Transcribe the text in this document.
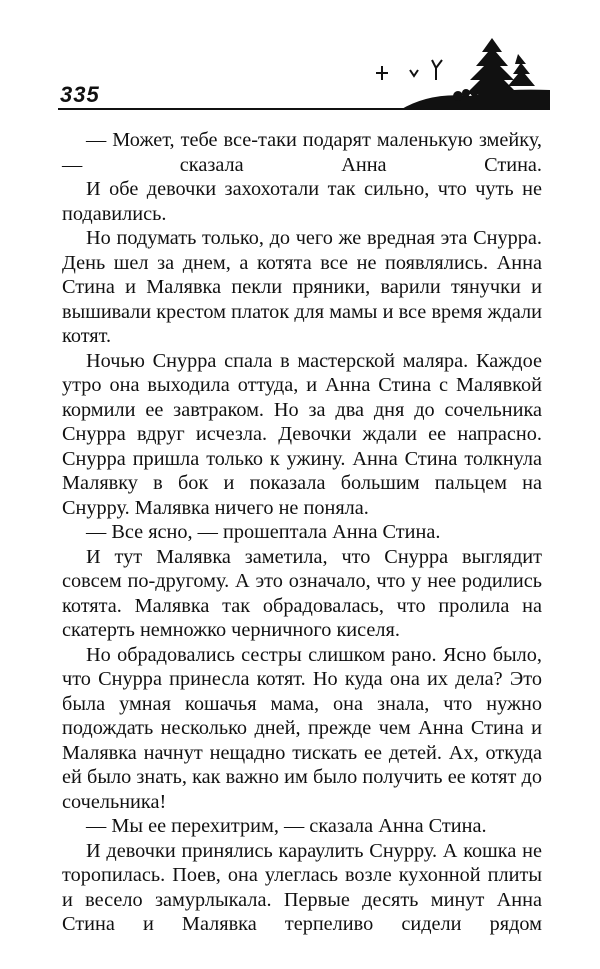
335

— Может, тебе все-таки подарят маленькую змейку, — сказала Анна Стина.

И обе девочки захохотали так сильно, что чуть не подавились.

Но подумать только, до чего же вредная эта Снурра. День шел за днем, а котята все не появлялись. Анна Стина и Малявка пекли пряники, варили тянучки и вышивали крестом платок для мамы и все время ждали котят.

Ночью Снурра спала в мастерской маляра. Каждое утро она выходила оттуда, и Анна Стина с Малявкой кормили ее завтраком. Но за два дня до сочельника Снурра вдруг исчезла. Девочки ждали ее напрасно. Снурра пришла только к ужину. Анна Стина толкнула Малявку в бок и показала большим пальцем на Снурру. Малявка ничего не поняла.

— Все ясно, — прошептала Анна Стина.

И тут Малявка заметила, что Снурра выглядит совсем по-другому. А это означало, что у нее родились котята. Малявка так обрадовалась, что пролила на скатерть немножко черничного киселя.

Но обрадовались сестры слишком рано. Ясно было, что Снурра принесла котят. Но куда она их дела? Это была умная кошачья мама, она знала, что нужно подождать несколько дней, прежде чем Анна Стина и Малявка начнут нещадно тискать ее детей. Ах, откуда ей было знать, как важно им было получить ее котят до сочельника!

— Мы ее перехитрим, — сказала Анна Стина.

И девочки принялись караулить Снурру. А кошка не торопилась. Поев, она улеглась возле кухонной плиты и весело замурлыкала. Первые десять минут Анна Стина и Малявка терпеливо сидели рядом
